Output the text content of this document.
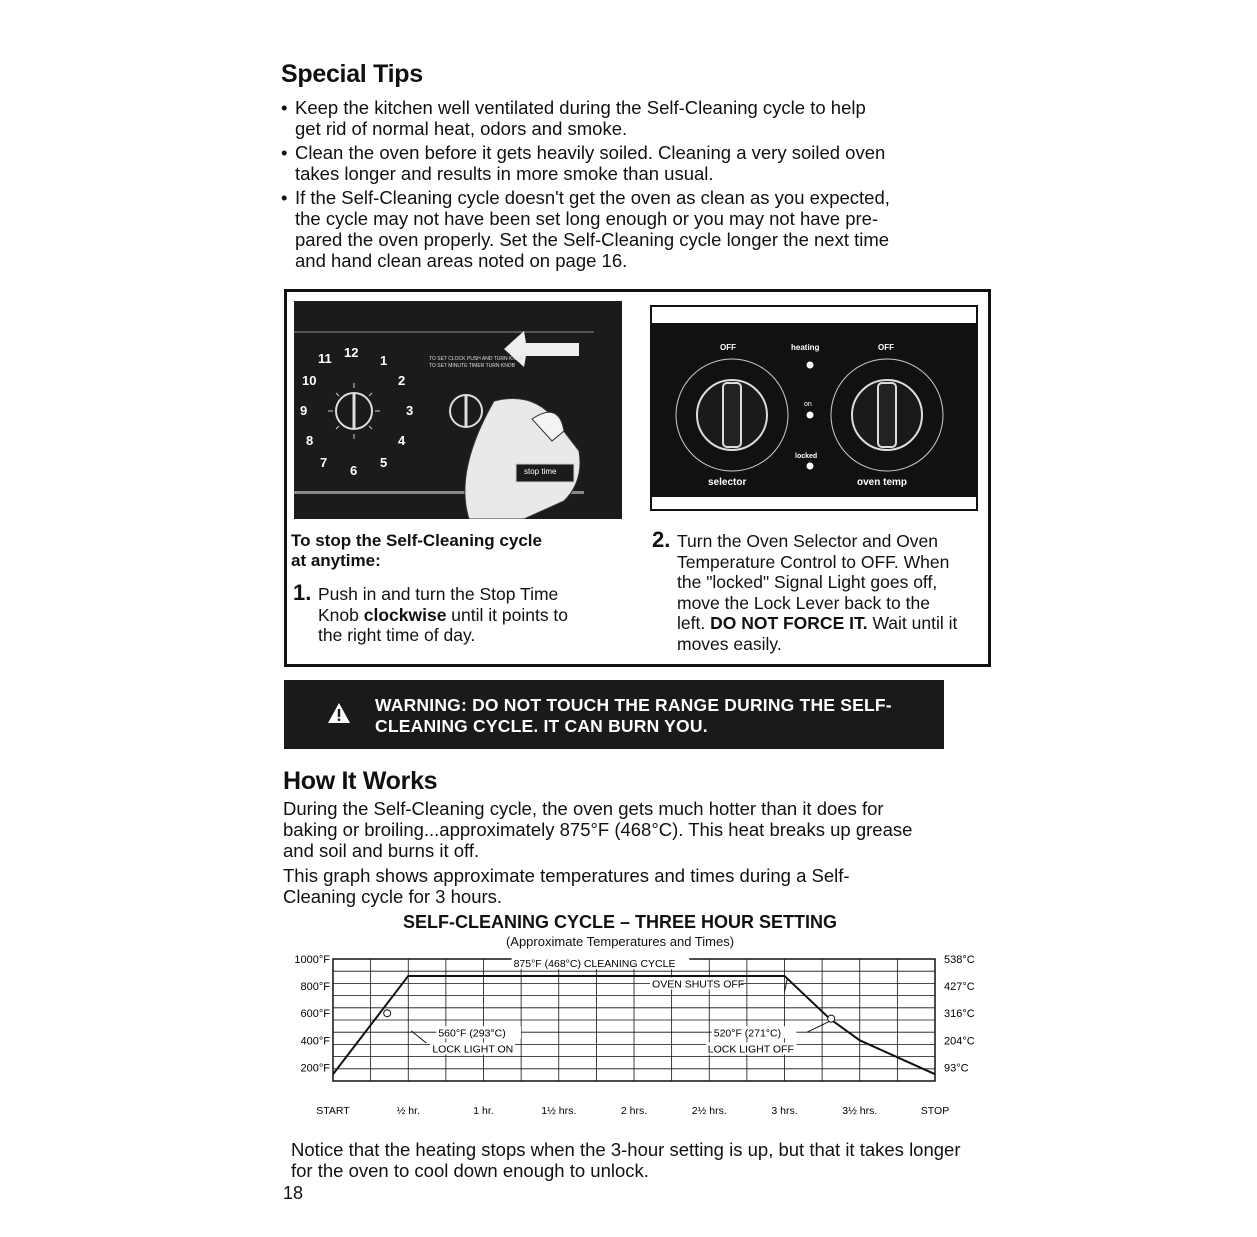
Special Tips
• Keep the kitchen well ventilated during the Self-Cleaning cycle to help
get rid of normal heat, odors and smoke.
• Clean the oven before it gets heavily soiled. Cleaning a very soiled oven
takes longer and results in more smoke than usual.
• If the Self-Cleaning cycle doesn't get the oven as clean as you expected,
the cycle may not have been set long enough or you may not have pre-
pared the oven properly. Set the Self-Cleaning cycle longer the next time
and hand clean areas noted on page 16.
11 12
1
2
3
4
5
6
7
8
9
10
TO SET CLOCK PUSH AND TURN KNOB
TO SET MINUTE TIMER TURN KNOB
stop time
OFF	heating	OFF
on
locked
selector	oven temp
To stop the Self-Cleaning cycle
at anytime:
1. Push in and turn the Stop Time
Knob clockwise until it points to
the right time of day.
2. Turn the Oven Selector and Oven
Temperature Control to OFF. When
the "locked" Signal Light goes off,
move the Lock Lever back to the
left. DO NOT FORCE IT. Wait until it
moves easily.
WARNING: DO NOT TOUCH THE RANGE DURING THE SELF-
CLEANING CYCLE. IT CAN BURN YOU.
How It Works
During the Self-Cleaning cycle, the oven gets much hotter than it does for
baking or broiling...approximately 875°F (468°C). This heat breaks up grease
and soil and burns it off.
This graph shows approximate temperatures and times during a Self-
Cleaning cycle for 3 hours.
SELF-CLEANING CYCLE – THREE HOUR SETTING
(Approximate Temperatures and Times)
1000°F
800°F
600°F
400°F
200°F
538°C
427°C
316°C
204°C
93°C
START	½ hr.	1 hr.	1½ hrs.	2 hrs.	2½ hrs.	3 hrs.	3½ hrs.	STOP
875°F (468°C) CLEANING CYCLE
OVEN SHUTS OFF
560°F (293°C)
LOCK LIGHT ON
520°F (271°C)
LOCK LIGHT OFF
Notice that the heating stops when the 3-hour setting is up, but that it takes longer
for the oven to cool down enough to unlock.
18
